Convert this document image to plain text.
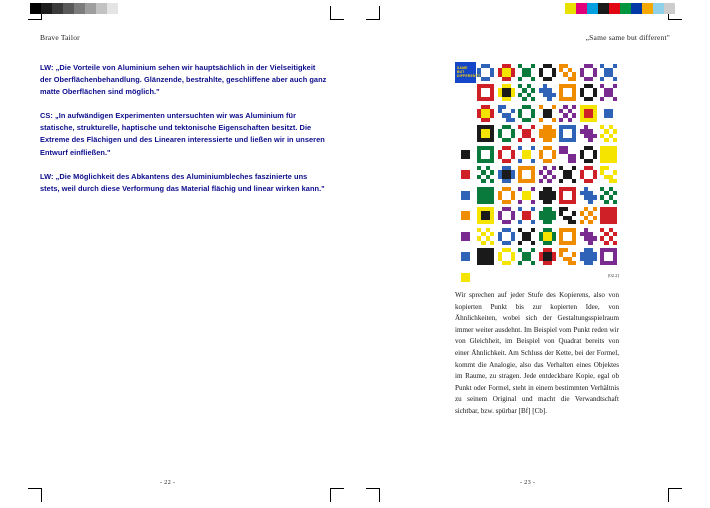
Brave Tailor	„Same same but different"
LW: „Die Vorteile von Aluminium sehen wir hauptsächlich in der Vielseitigkeit der Oberflächenbehandlung. Glänzende, bestrahlte, geschliffene aber auch ganz matte Oberflächen sind möglich."
CS: „In aufwändigen Experimenten untersuchten wir was Aluminium für statische, strukturelle, haptische und tektonische Eigenschaften besitzt. Die Extreme des Flächigen und des Linearen interessierte und ließen wir in unseren Entwurf einfließen."
LW: „Die Möglichkeit des Abkantens des Aluminiumbleches faszinierte uns stets, weil durch diese Verformung das Material flächig und linear wirken kann."
SAME
BUT
DIFFERENT?
[02.2]
Wir sprechen auf jeder Stufe des Kopierens, also von kopierten Punkt bis zur kopierten Idee, von Ähnlichkeiten, wobei sich der Gestaltungsspielraum immer weiter ausdehnt. Im Beispiel vom Punkt reden wir von Gleichheit, im Beispiel von Quadrat bereits von einer Ähnlichkeit. Am Schluss der Kette, bei der Formel, kommt die Analogie, also das Verhalten eines Objektes im Raume, zu stragen. Jede entdeckbare Kopie, egal ob Punkt oder Formel, steht in einem bestimmten Verhältnis zu seinem Original und macht die Verwandtschaft sichtbar, bzw. spürbar [Bf] [Cb].
- 22 -	- 23 -
